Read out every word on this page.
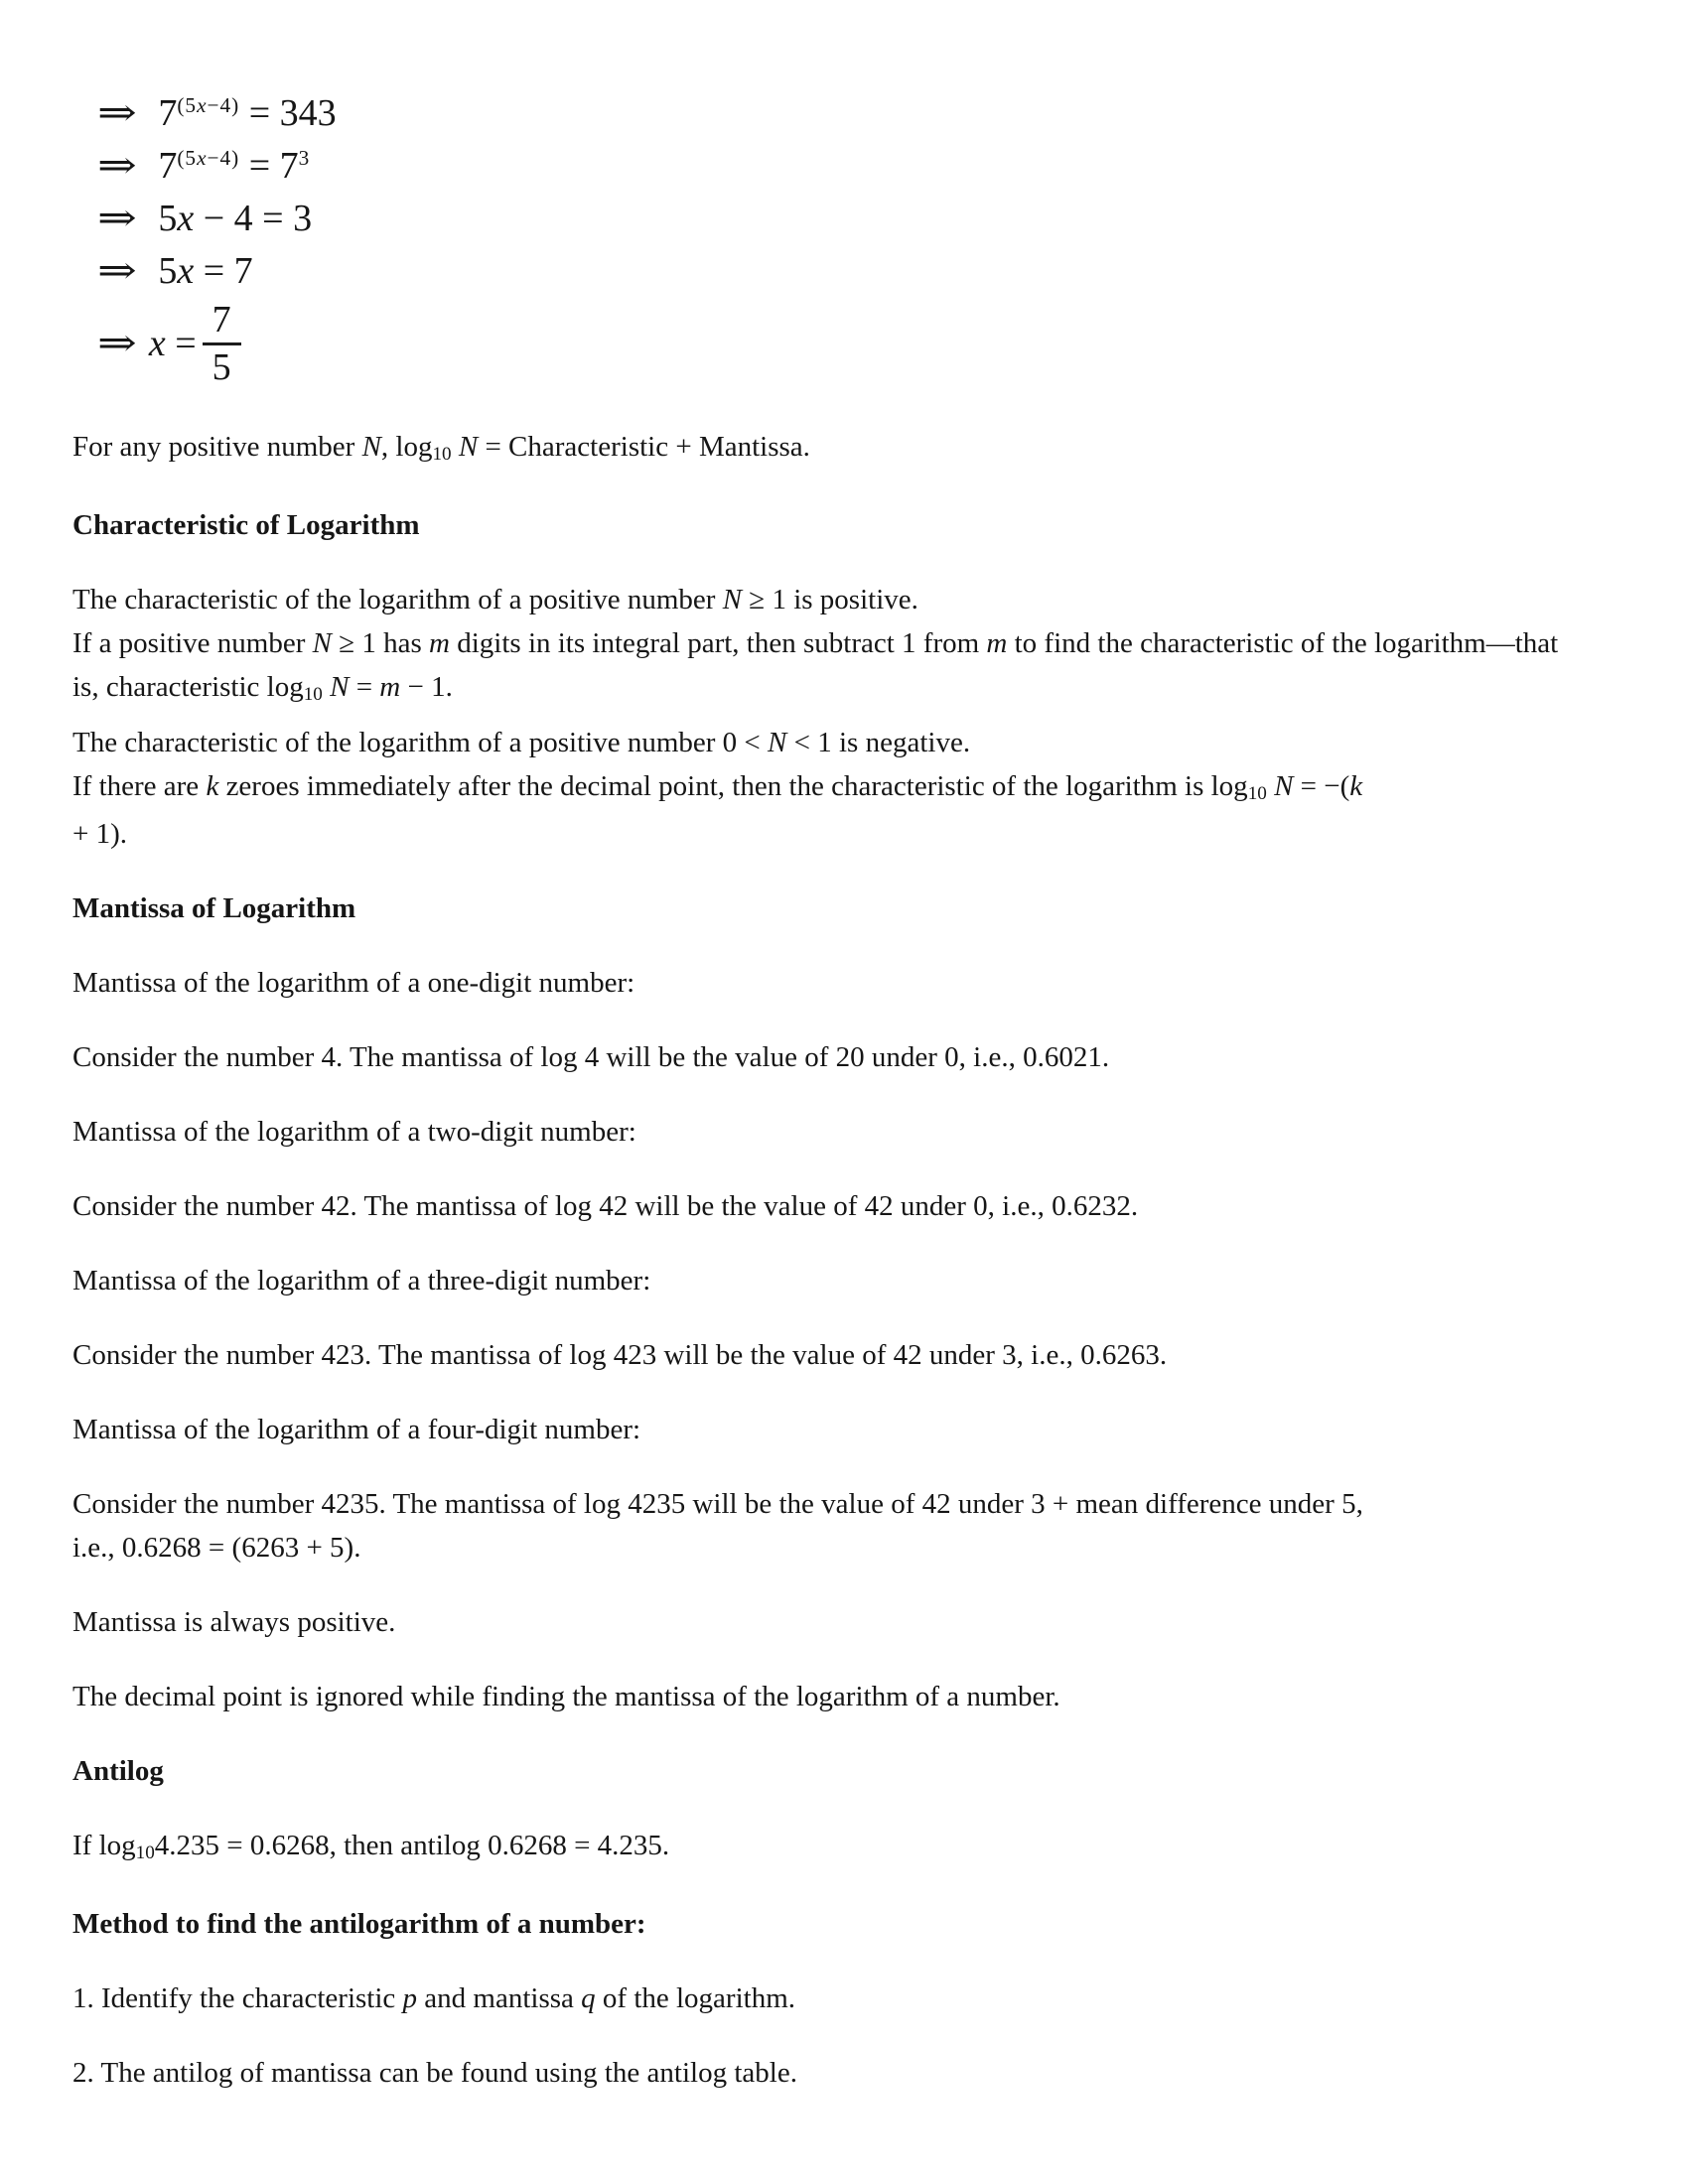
⇒ $7^{(5x-4)} = 343$
⇒ $7^{(5x-4)} = 7^3$
⇒ 5x − 4 = 3
⇒ 5x = 7
⇒ $x = \frac{7}{5}$

For any positive number N, $\log_{10} N$ = Characteristic + Mantissa.

Characteristic of Logarithm

The characteristic of the logarithm of a positive number N ≥ 1 is positive.
If a positive number N ≥ 1 has m digits in its integral part, then subtract 1 from m to find the characteristic of the logarithm—that is, characteristic $\log_{10} N = m - 1$.

The characteristic of the logarithm of a positive number 0 < N < 1 is negative.
If there are k zeroes immediately after the decimal point, then the characteristic of the logarithm is $\log_{10} N = -(k$
+ 1).

Mantissa of Logarithm

Mantissa of the logarithm of a one-digit number:

Consider the number 4. The mantissa of log 4 will be the value of 20 under 0, i.e., 0.6021.

Mantissa of the logarithm of a two-digit number:

Consider the number 42. The mantissa of log 42 will be the value of 42 under 0, i.e., 0.6232.

Mantissa of the logarithm of a three-digit number:

Consider the number 423. The mantissa of log 423 will be the value of 42 under 3, i.e., 0.6263.

Mantissa of the logarithm of a four-digit number:

Consider the number 4235. The mantissa of log 4235 will be the value of 42 under 3 + mean difference under 5,
i.e., 0.6268 = (6263 + 5).

Mantissa is always positive.

The decimal point is ignored while finding the mantissa of the logarithm of a number.

Antilog

If $\log_{10}4.235 = 0.6268$, then antilog 0.6268 = 4.235.

Method to find the antilogarithm of a number:

1. Identify the characteristic p and mantissa q of the logarithm.

2. The antilog of mantissa can be found using the antilog table.
